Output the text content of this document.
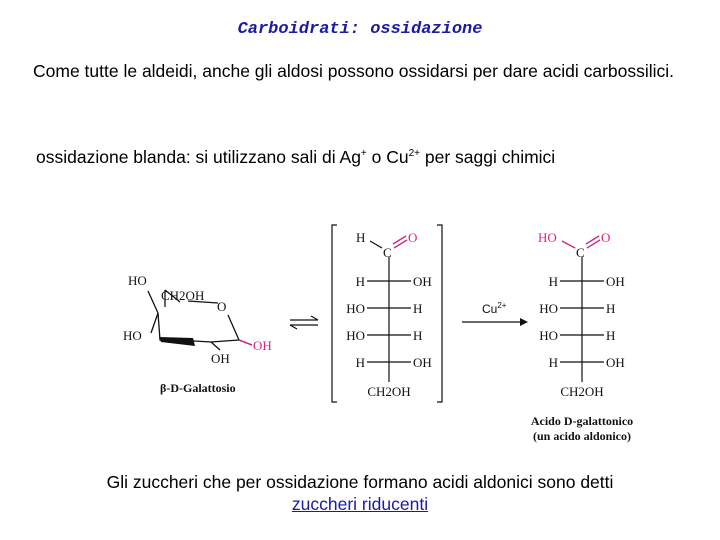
Carboidrati: ossidazione
Come tutte le aldeidi, anche gli aldosi possono ossidarsi per dare acidi carbossilici.
ossidazione blanda: si utilizzano sali di Ag+ o $Cu^{2+}$ per saggi chimici
HO
CH2OH
O
HO
OH
OH
β-D-Galattosio
H
C
O
H	OH
HO	H
HO	H
H	OH
CH2OH
$Cu^{2+}$
HO
C
O
H	OH
HO	H
HO	H
H	OH
CH2OH
Acido D-galattonico
(un acido aldonico)
Gli zuccheri che per ossidazione formano acidi aldonici sono detti
zuccheri riducenti
